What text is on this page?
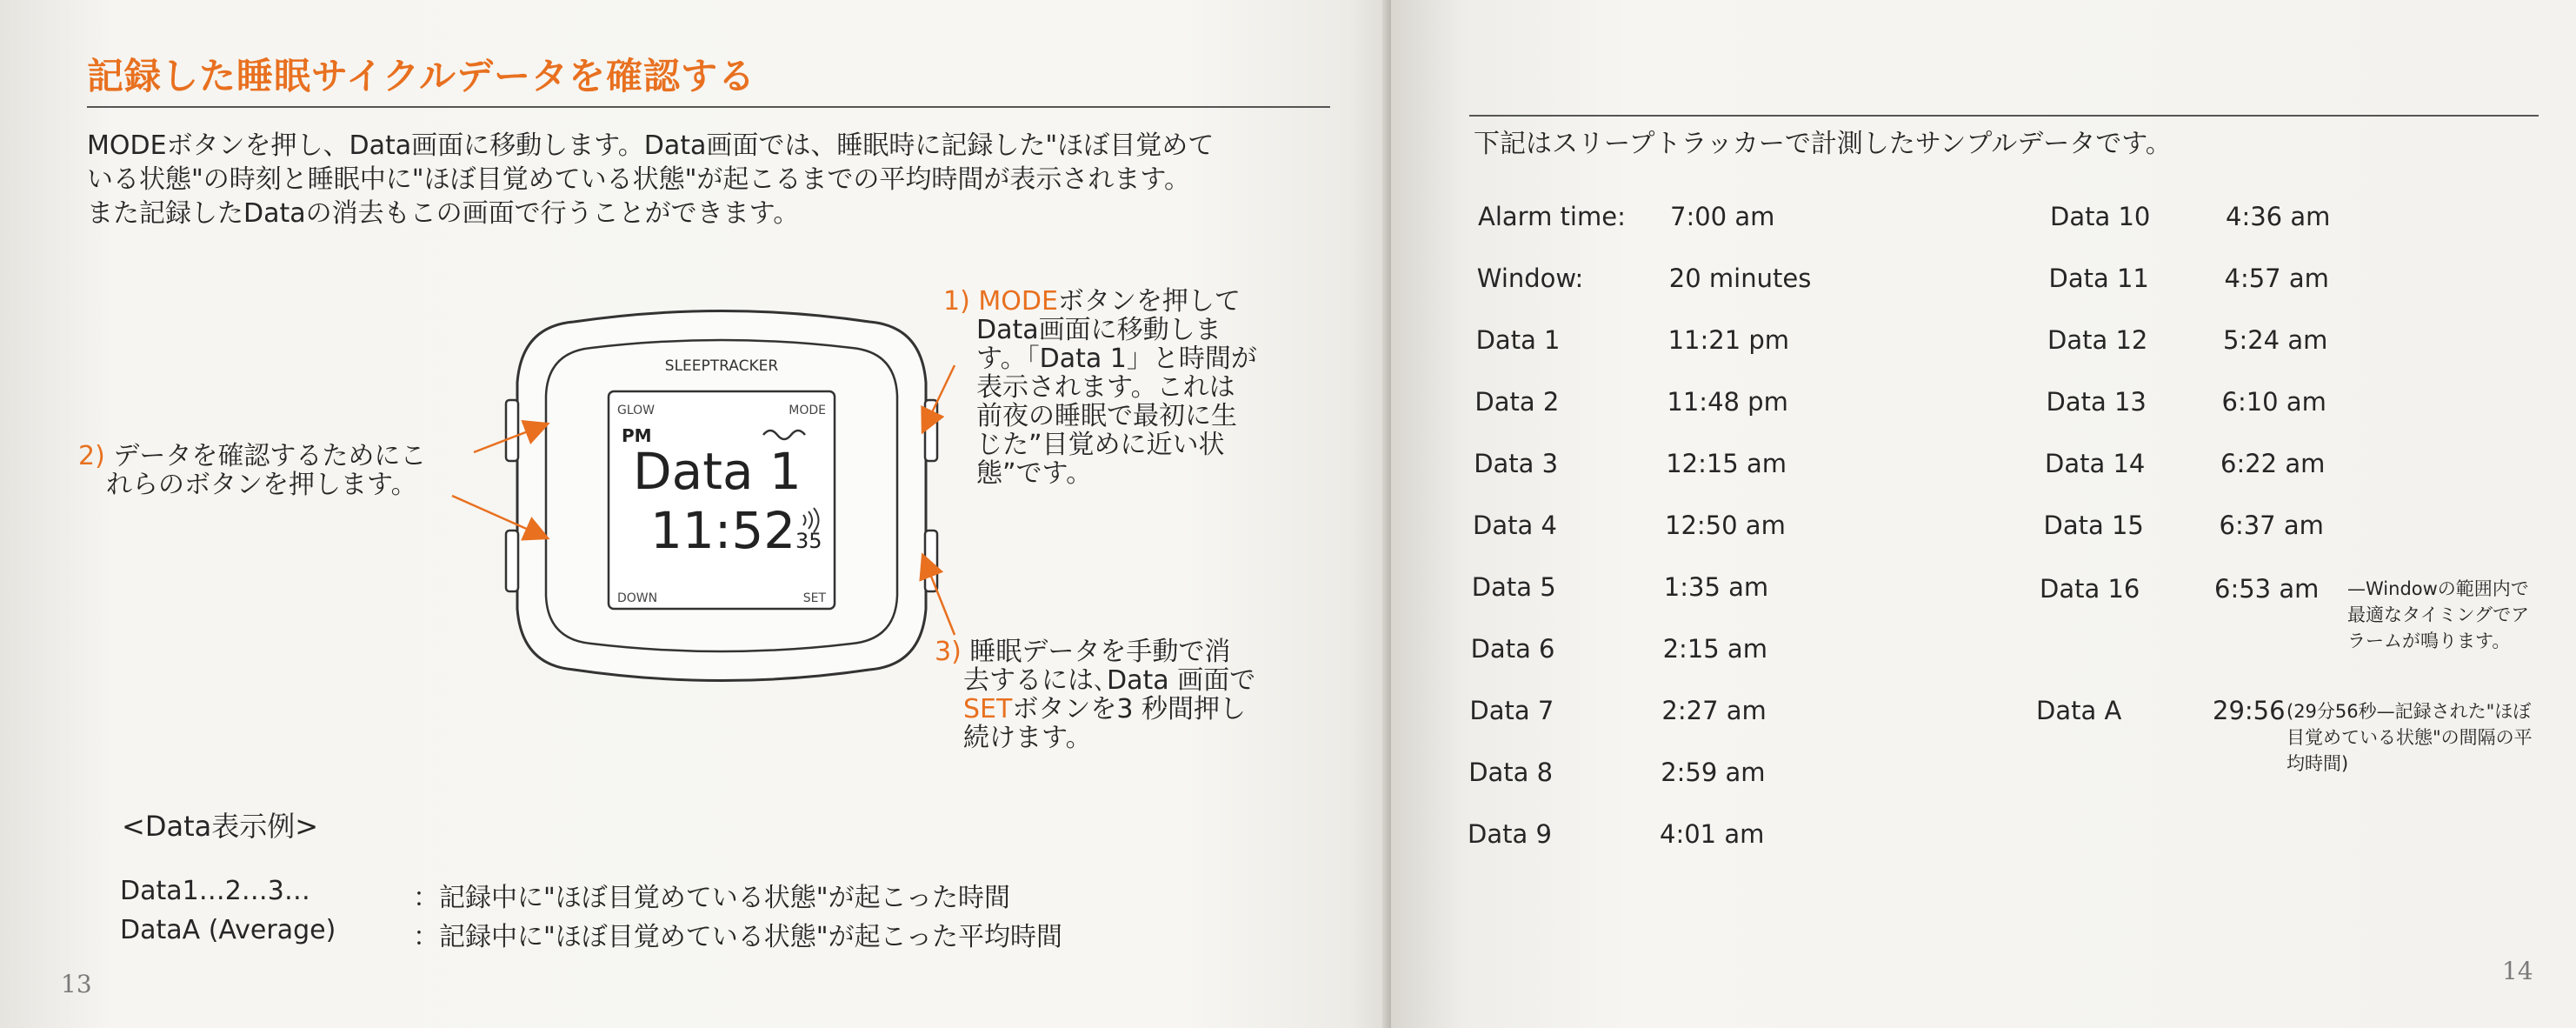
記録した睡眠サイクルデータを確認する
MODEボタンを押し、Data画面に移動します。Data画面では、睡眠時に記録した"ほぼ目覚めて
いる状態"の時刻と睡眠中に"ほぼ目覚めている状態"が起こるまでの平均時間が表示されます。
また記録したDataの消去もこの画面で行うことができます。
SLEEPTRACKER
GLOW	MODE
DOWN	SET
PM
Data 1
11:52 35
1) MODEボタンを押して
Data画面に移動しま
す。「Data 1」と時間が
表示されます。これは
前夜の睡眠で最初に生
じた”目覚めに近い状
態”です。
2) データを確認するためにこ
れらのボタンを押します。
3) 睡眠データを手動で消
去するには､Data 画面で
SETボタンを3 秒間押し
続けます。
<Data表示例>
Data1…2…3…	：記録中に"ほぼ目覚めている状態"が起こった時間
DataA (Average)	：記録中に"ほぼ目覚めている状態"が起こった平均時間
13
下記はスリープトラッカーで計測したサンプルデータです。
Data 16	6:53 am —Windowの範囲内で最適なタイミングでアラームが鳴ります。
Data A	29:56 (29分56秒—記録された"ほぼ目覚めている状態"の間隔の平均時間)
14
Alarm time: 7:00 am
Window:	20 minutes
Data 1	11:21 pm
Data 2	11:48 pm
Data 3	12:15 am
Data 4	12:50 am
Data 5	1:35 am
Data 6	2:15 am
Data 7	2:27 am
Data 8	2:59 am
Data 9	4:01 am
Data 10	4:36 am
Data 11	4:57 am
Data 12	5:24 am
Data 13	6:10 am
Data 14	6:22 am
Data 15	6:37 am
